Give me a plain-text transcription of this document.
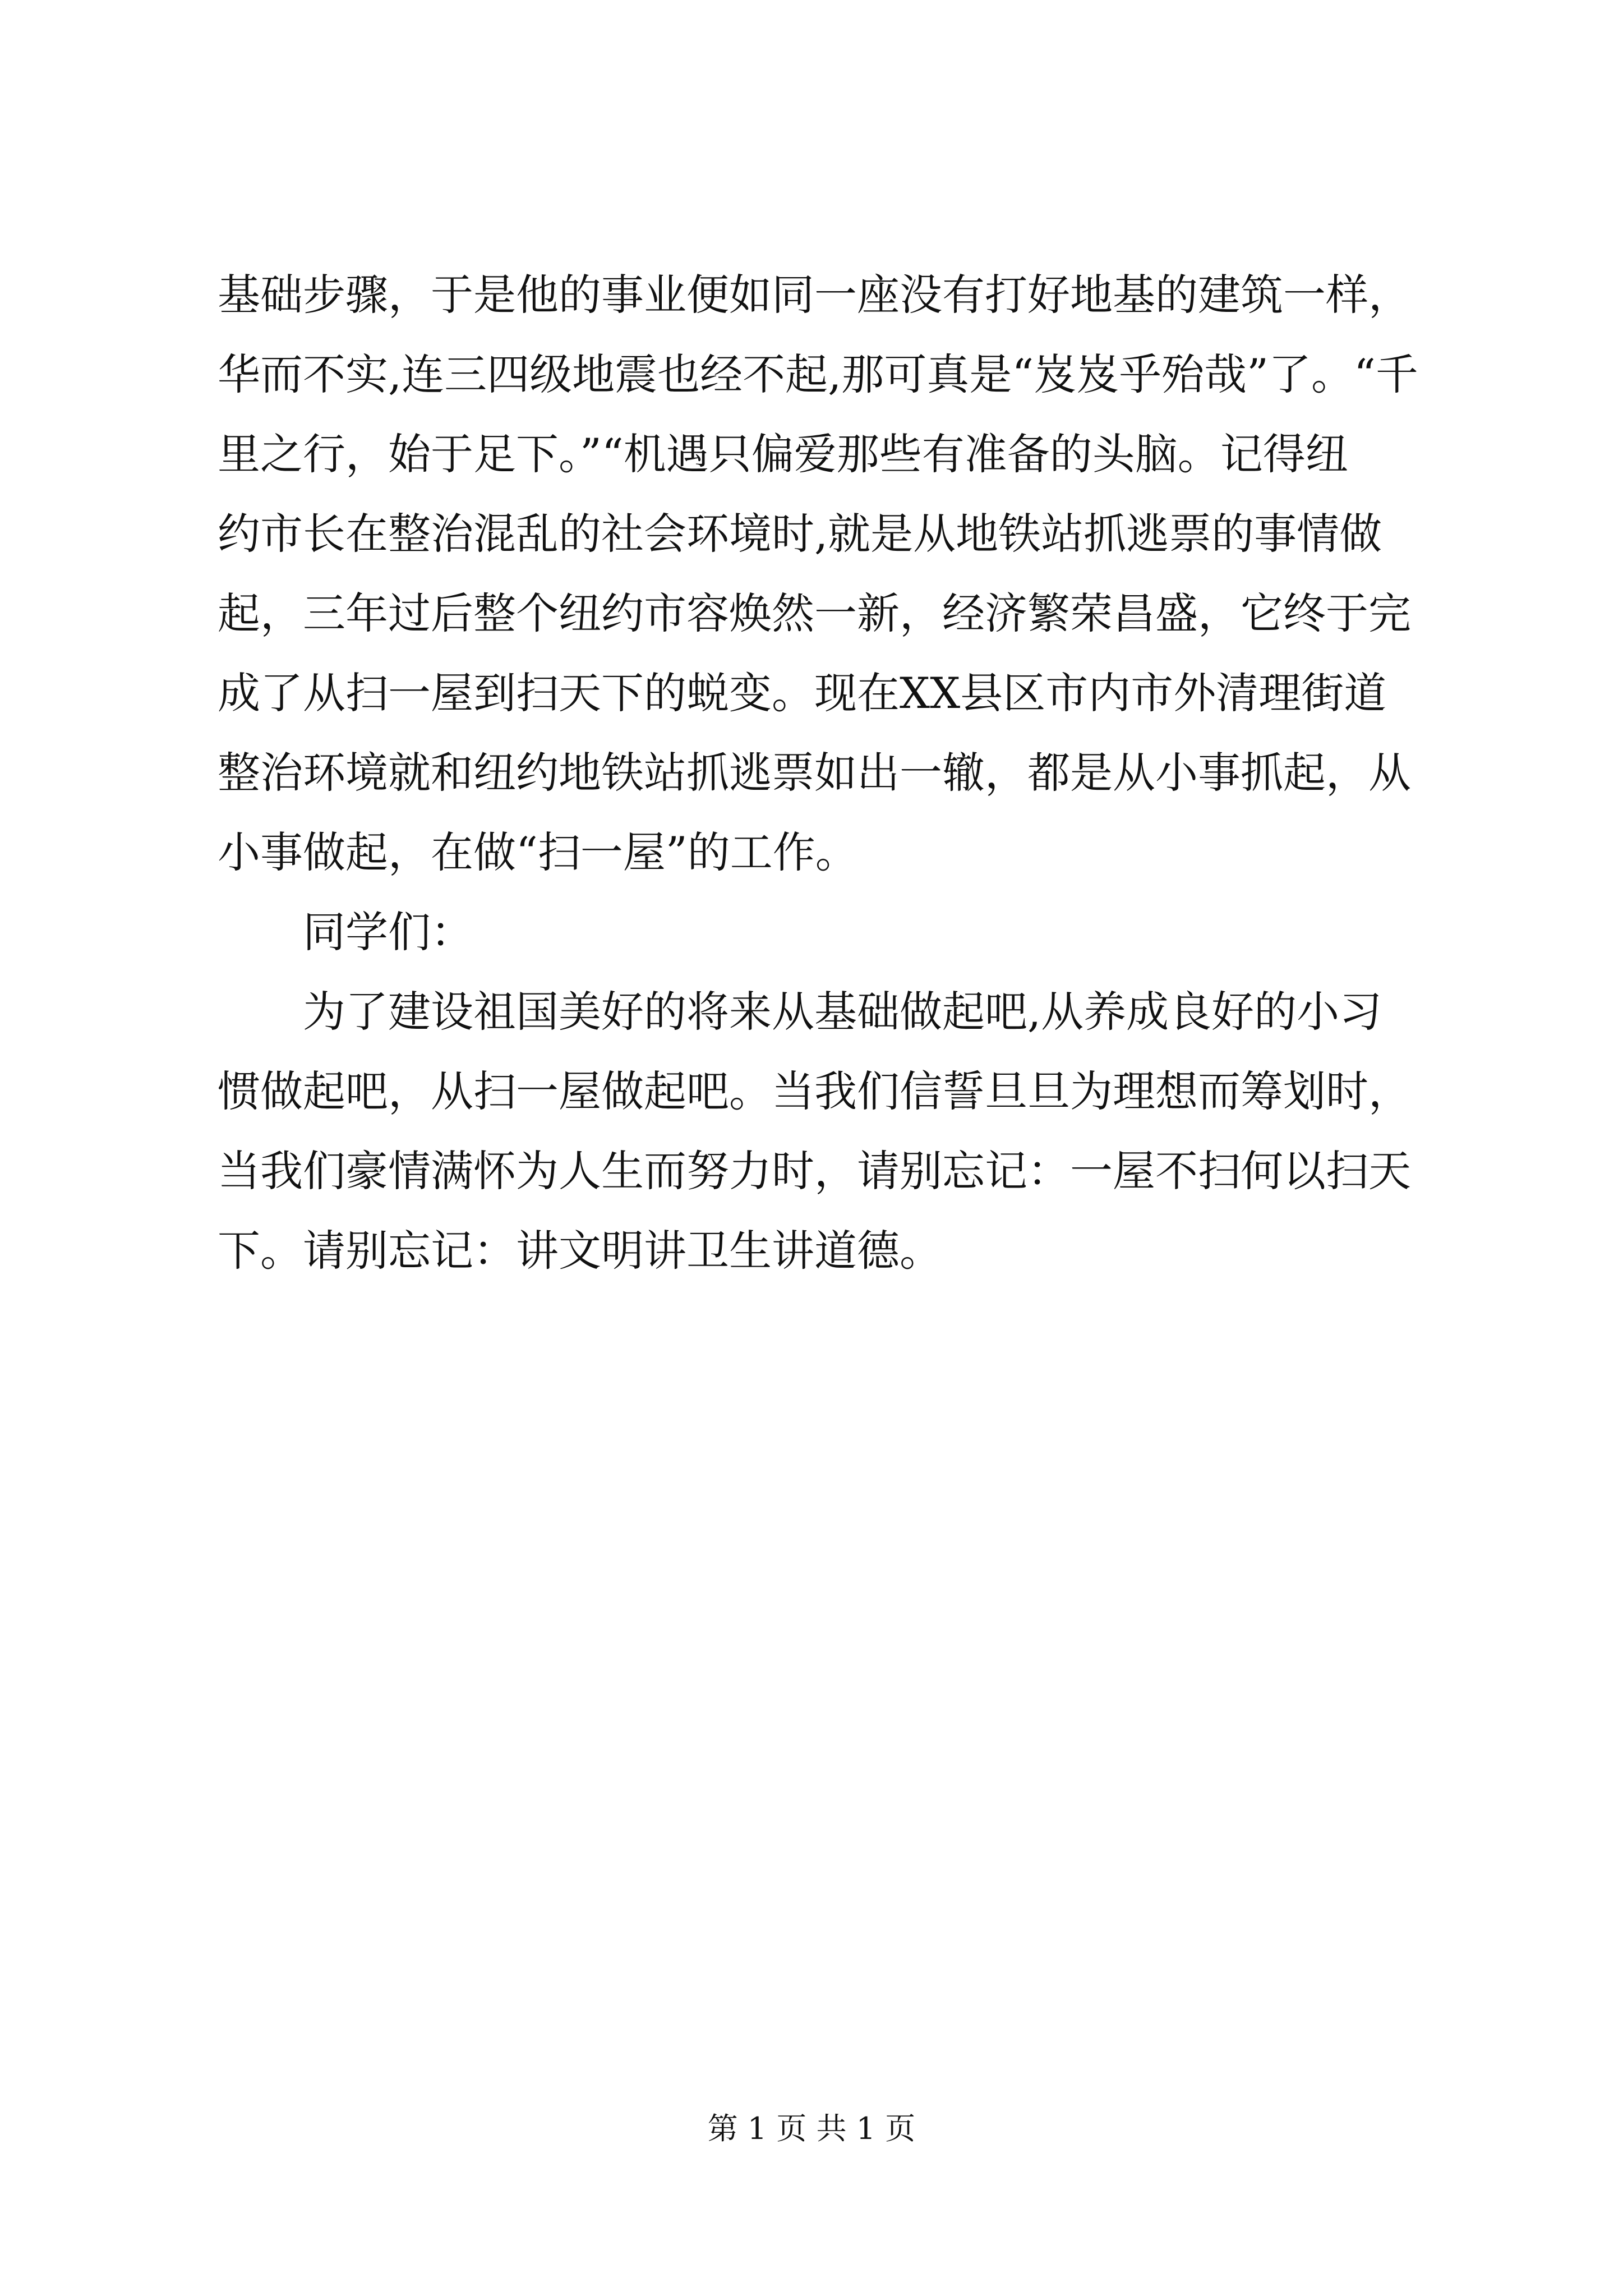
基础步骤，于是他的事业便如同一座没有打好地基的建筑一样，

华而不实,连三四级地震也经不起,那可真是“岌岌乎殆哉”了。“千

里之行，始于足下。”“机遇只偏爱那些有准备的头脑。记得纽

约市长在整治混乱的社会环境时,就是从地铁站抓逃票的事情做

起，三年过后整个纽约市容焕然一新，经济繁荣昌盛，它终于完

成了从扫一屋到扫天下的蜕变。现在XX县区市内市外清理街道

整治环境就和纽约地铁站抓逃票如出一辙，都是从小事抓起，从

小事做起，在做“扫一屋”的工作。

同学们：

为了建设祖国美好的将来从基础做起吧,从养成良好的小习

惯做起吧，从扫一屋做起吧。当我们信誓旦旦为理想而筹划时，

当我们豪情满怀为人生而努力时，请别忘记：一屋不扫何以扫天

下。请别忘记：讲文明讲卫生讲道德。

第 1 页 共 1 页
